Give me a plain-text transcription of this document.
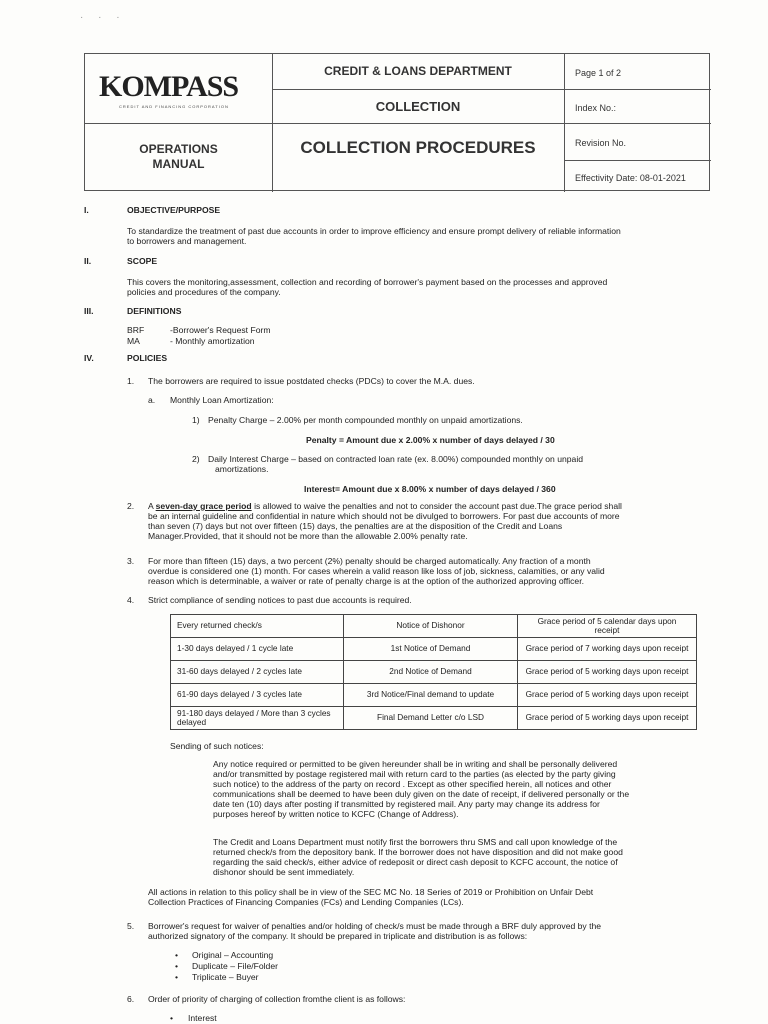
· · ·
KOMPASS
CREDIT AND FINANCING CORPORATION
CREDIT & LOANS DEPARTMENT
COLLECTION
COLLECTION PROCEDURES
OPERATIONS
MANUAL
Page 1 of 2
Index No.:
Revision No.
Effectivity Date: 08-01-2021
I.	OBJECTIVE/PURPOSE
To standardize the treatment of past due accounts in order to improve efficiency and ensure prompt delivery of reliable information
to borrowers and management.
II.	SCOPE
This covers the monitoring,assessment, collection and recording of borrower's payment based on the processes and approved
policies and procedures of the company.
III.	DEFINITIONS
BRF	-Borrower's Request Form
MA	- Monthly amortization
IV.	POLICIES
1. The borrowers are required to issue postdated checks (PDCs) to cover the M.A. dues.
a. Monthly Loan Amortization:
1) Penalty Charge – 2.00% per month compounded monthly on unpaid amortizations.
Penalty = Amount due x 2.00% x number of days delayed / 30
2) Daily Interest Charge – based on contracted loan rate (ex. 8.00%) compounded monthly on unpaid
amortizations.
Interest= Amount due x 8.00% x number of days delayed / 360
2. A seven-day grace period is allowed to waive the penalties and not to consider the account past due.The grace period shall
be an internal guideline and confidential in nature which should not be divulged to borrowers. For past due accounts of more
than seven (7) days but not over fifteen (15) days, the penalties are at the disposition of the Credit and Loans
Manager.Provided, that it should not be more than the allowable 2.00% penalty rate.
3. For more than fifteen (15) days, a two percent (2%) penalty should be charged automatically. Any fraction of a month
overdue is considered one (1) month. For cases wherein a valid reason like loss of job, sickness, calamities, or any valid
reason which is determinable, a waiver or rate of penalty charge is at the option of the authorized approving officer.
4. Strict compliance of sending notices to past due accounts is required.
Every returned check/s	Notice of Dishonor	Grace period of 5 calendar days upon receipt
1-30 days delayed / 1 cycle late	1st Notice of Demand	Grace period of 7 working days upon receipt
31-60 days delayed / 2 cycles late	2nd Notice of Demand	Grace period of 5 working days upon receipt
61-90 days delayed / 3 cycles late	3rd Notice/Final demand to update	Grace period of 5 working days upon receipt
91-180 days delayed / More than 3 cycles delayed	Final Demand Letter c/o LSD	Grace period of 5 working days upon receipt
Sending of such notices:
Any notice required or permitted to be given hereunder shall be in writing and shall be personally delivered
and/or transmitted by postage registered mail with return card to the parties (as elected by the party giving
such notice) to the address of the party on record . Except as other specified herein, all notices and other
communications shall be deemed to have been duly given on the date of receipt, if delivered personally or the
date ten (10) days after posting if transmitted by registered mail. Any party may change its address for
purposes hereof by written notice to KCFC (Change of Address).
The Credit and Loans Department must notify first the borrowers thru SMS and call upon knowledge of the
returned check/s from the depository bank. If the borrower does not have disposition and did not make good
regarding the said check/s, either advice of redeposit or direct cash deposit to KCFC account, the notice of
dishonor should be sent immediately.
All actions in relation to this policy shall be in view of the SEC MC No. 18 Series of 2019 or Prohibition on Unfair Debt
Collection Practices of Financing Companies (FCs) and Lending Companies (LCs).
5. Borrower's request for waiver of penalties and/or holding of check/s must be made through a BRF duly approved by the
authorized signatory of the company. It should be prepared in triplicate and distribution is as follows:
• Original – Accounting
• Duplicate – File/Folder
• Triplicate – Buyer
6. Order of priority of charging of collection fromthe client is as follows:
• Interest
